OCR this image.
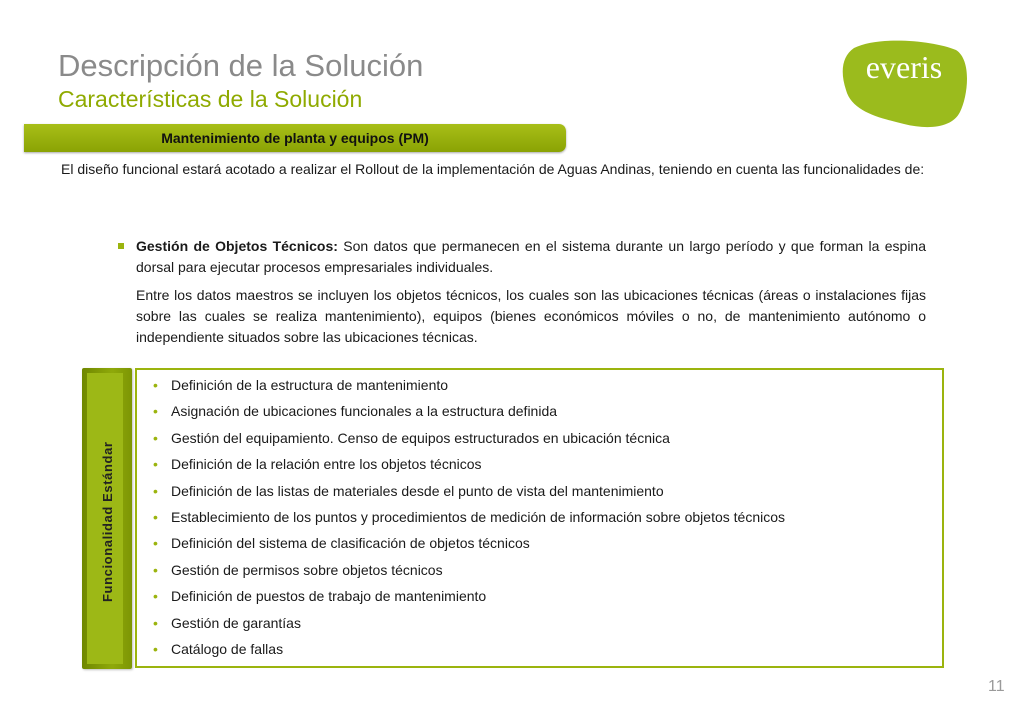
Descripción de la Solución
Características de la Solución
everis
Mantenimiento de planta y equipos (PM)
El diseño funcional estará acotado a realizar el Rollout de la implementación de Aguas Andinas, teniendo en cuenta las funcionalidades de:
Gestión de Objetos Técnicos: Son datos que permanecen en el sistema durante un largo período y que forman la espina dorsal para ejecutar procesos empresariales individuales.
Entre los datos maestros se incluyen los objetos técnicos, los cuales son las ubicaciones técnicas (áreas o instalaciones fijas sobre las cuales se realiza mantenimiento), equipos (bienes económicos móviles o no, de mantenimiento autónomo o independiente situados sobre las ubicaciones técnicas.
Funcionalidad Estándar
• Definición de la estructura de mantenimiento
• Asignación de ubicaciones funcionales a la estructura definida
• Gestión del equipamiento. Censo de equipos estructurados en ubicación técnica
• Definición de la relación entre los objetos técnicos
• Definición de las listas de materiales desde el punto de vista del mantenimiento
• Establecimiento de los puntos y procedimientos de medición de información sobre objetos técnicos
• Definición del sistema de clasificación de objetos técnicos
• Gestión de permisos sobre objetos técnicos
• Definición de puestos de trabajo de mantenimiento
• Gestión de garantías
• Catálogo de fallas
11
